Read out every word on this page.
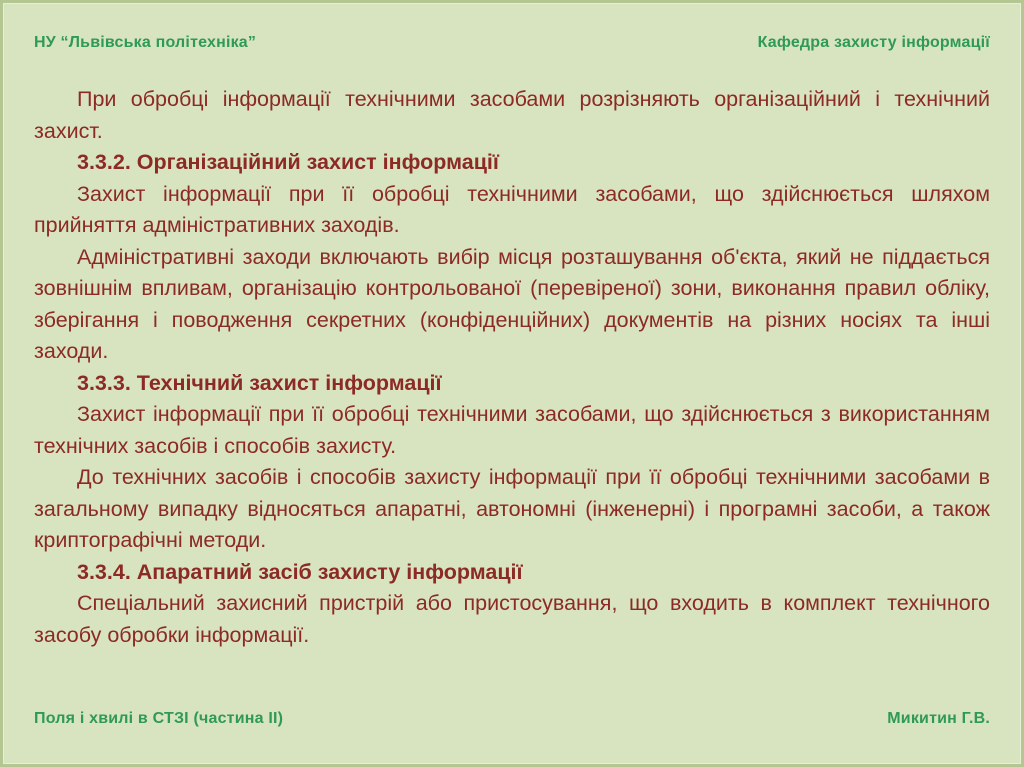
НУ “Львівська політехніка”	Кафедра захисту інформації

При обробці інформації технічними засобами розрізняють організаційний і технічний захист.

3.3.2. Організаційний захист інформації

Захист інформації при її обробці технічними засобами, що здійснюється шляхом прийняття адміністративних заходів.

Адміністративні заходи включають вибір місця розташування об'єкта, який не піддається зовнішнім впливам, організацію контрольованої (перевіреної) зони, виконання правил обліку, зберігання і поводження секретних (конфіденційних) документів на різних носіях та інші заходи.

3.3.3. Технічний захист інформації

Захист інформації при її обробці технічними засобами, що здійснюється з використанням технічних засобів і способів захисту.

До технічних засобів і способів захисту інформації при її обробці технічними засобами в загальному випадку відносяться апаратні, автономні (інженерні) і програмні засоби, а також криптографічні методи.

3.3.4. Апаратний засіб захисту інформації

Спеціальний захисний пристрій або пристосування, що входить в комплект технічного засобу обробки інформації.

Поля і хвилі в СТЗІ (частина II)	Микитин Г.В.
